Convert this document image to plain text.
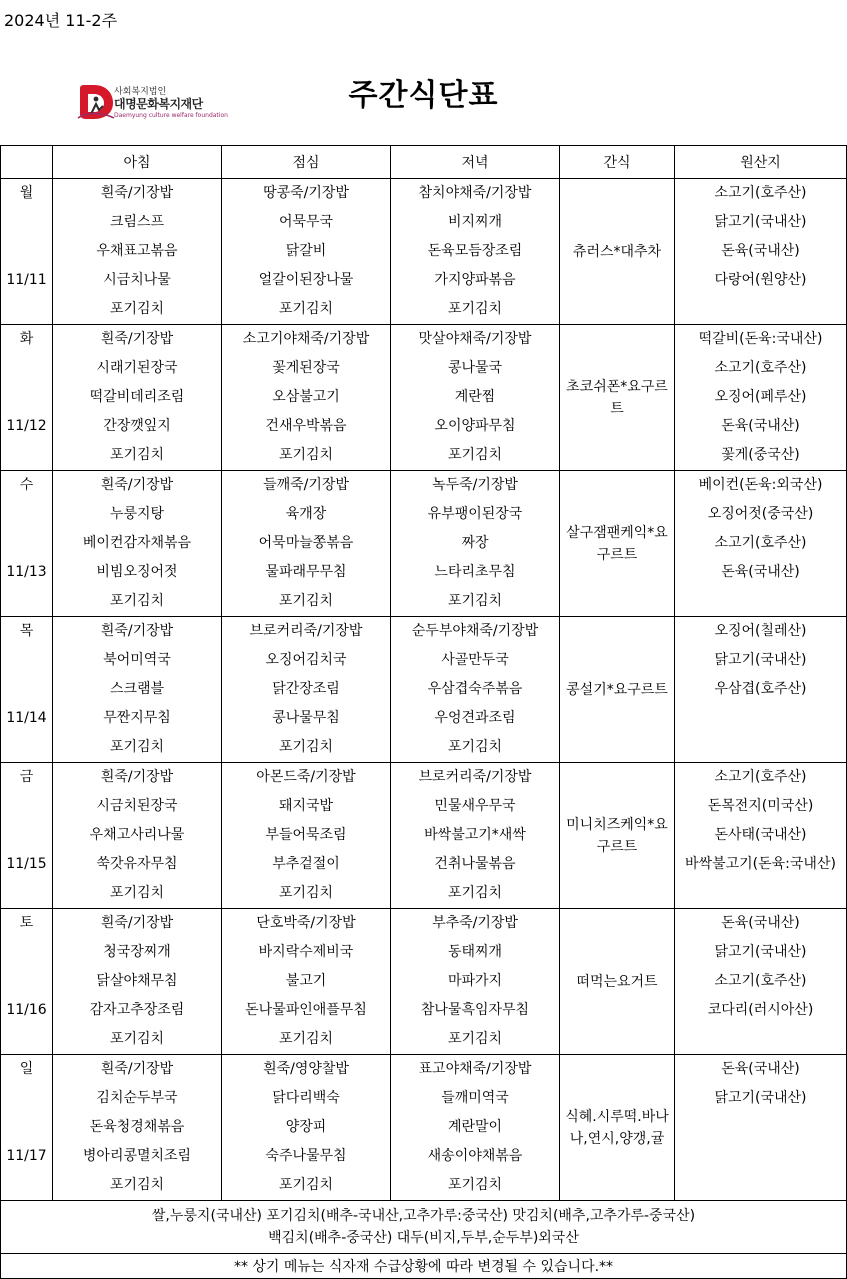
2024년 11-2주
사회복지법인
대명문화복지재단
Daemyung culture welfare foundation
주간식단표
	아침	점심	저녁	간식	원산지

월
11/11	흰죽/기장밥
크림스프
우채표고볶음
시금치나물
포기김치	땅콩죽/기장밥
어묵무국
닭갈비
얼갈이된장나물
포기김치	참치야채죽/기장밥
비지찌개
돈육모듬장조림
가지양파볶음
포기김치	츄러스*대추차	소고기(호주산)
닭고기(국내산)
돈육(국내산)
다랑어(원양산)

화
11/12	흰죽/기장밥
시래기된장국
떡갈비데리조림
간장깻잎지
포기김치	소고기야채죽/기장밥
꽃게된장국
오삼불고기
건새우박볶음
포기김치	맛살야채죽/기장밥
콩나물국
계란찜
오이양파무침
포기김치	초코쉬폰*요구르트	떡갈비(돈육:국내산)
소고기(호주산)
오징어(페루산)
돈육(국내산)
꽃게(중국산)

수
11/13	흰죽/기장밥
누룽지탕
베이컨감자채볶음
비빔오징어젓
포기김치	들깨죽/기장밥
육개장
어묵마늘쫑볶음
물파래무무침
포기김치	녹두죽/기장밥
유부팽이된장국
짜장
느타리초무침
포기김치	살구잼팬케익*요구르트	베이컨(돈육:외국산)
오징어젓(중국산)
소고기(호주산)
돈육(국내산)

목
11/14	흰죽/기장밥
북어미역국
스크램블
무짠지무침
포기김치	브로커리죽/기장밥
오징어김치국
닭간장조림
콩나물무침
포기김치	순두부야채죽/기장밥
사골만두국
우삼겹숙주볶음
우엉견과조림
포기김치	콩설기*요구르트	오징어(칠레산)
닭고기(국내산)
우삼겹(호주산)

금
11/15	흰죽/기장밥
시금치된장국
우채고사리나물
쑥갓유자무침
포기김치	아몬드죽/기장밥
돼지국밥
부들어묵조림
부추겉절이
포기김치	브로커리죽/기장밥
민물새우무국
바싹불고기*새싹
건취나물볶음
포기김치	미니치즈케익*요구르트	소고기(호주산)
돈목전지(미국산)
돈사태(국내산)
바싹불고기(돈육:국내산)

토
11/16	흰죽/기장밥
청국장찌개
닭살야채무침
감자고추장조림
포기김치	단호박죽/기장밥
바지락수제비국
불고기
돈나물파인애플무침
포기김치	부추죽/기장밥
동태찌개
마파가지
참나물흑임자무침
포기김치	떠먹는요거트	돈육(국내산)
닭고기(국내산)
소고기(호주산)
코다리(러시아산)

일
11/17	흰죽/기장밥
김치순두부국
돈육청경채볶음
병아리콩멸치조림
포기김치	흰죽/영양찰밥
닭다리백숙
양장피
숙주나물무침
포기김치	표고야채죽/기장밥
들깨미역국
계란말이
새송이야채볶음
포기김치	식혜.시루떡.바나나,연시,양갱,귤	돈육(국내산)
닭고기(국내산)

쌀,누룽지(국내산) 포기김치(배추-국내산,고추가루:중국산) 맛김치(배추,고추가루-중국산)
백김치(배추-중국산) 대두(비지,두부,순두부)외국산					

** 상기 메뉴는 식자재 수급상황에 따라 변경될 수 있습니다.**					
